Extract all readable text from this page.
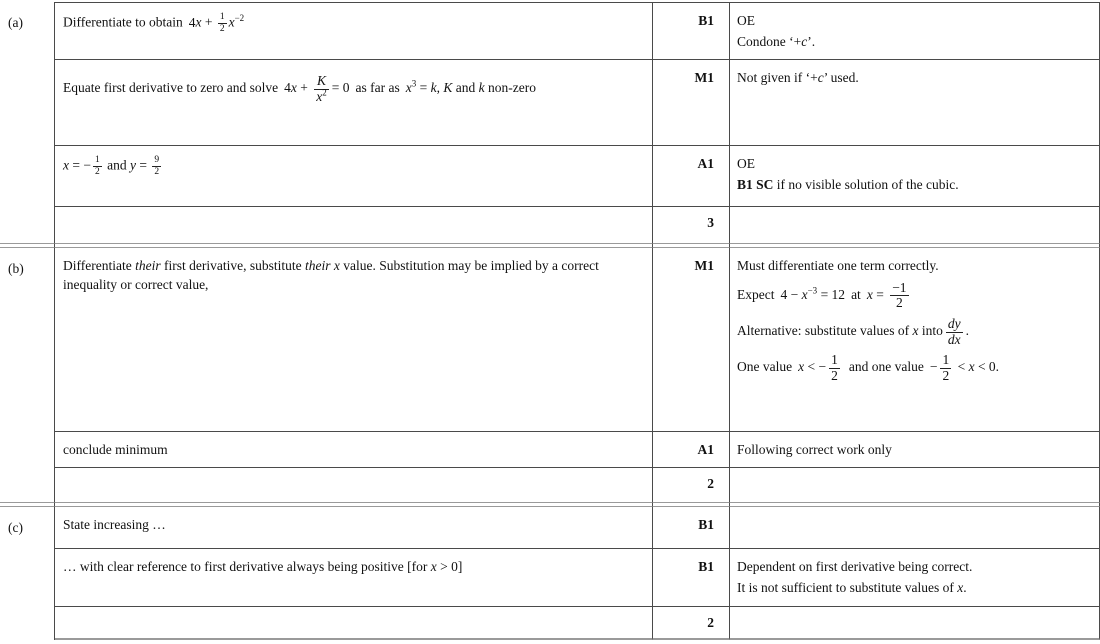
(a)	Differentiate to obtain $4x + \frac{1}{2} x^{-2}$	B1	OE
Condone ‘+c’.

	Equate first derivative to zero and solve $4x + \frac{K}{x^2} = 0$ as far as $x^3 = k$, K and k non-zero	M1	Not given if ‘+c’ used.

x = − $\frac{1}{2}$ and $y = \frac{9}{2}$	A1	OE
B1 SC if no visible solution of the cubic.

		3	

(b)	Differentiate their first derivative, substitute their x value. Substitution may be implied by a correct inequality or correct value,	M1	Must differentiate one term correctly.
Expect $4 - x^{-3} = 12$ at $x = \frac{-1}{2}$
Alternative: substitute values of x into $\frac{dy}{dx}$ .
One value x < − $\frac{1}{2}$ and one value − $\frac{1}{2} < x < 0$.

	conclude minimum	A1	Following correct work only

		2	

(c)	State increasing …	B1	
	… with clear reference to first derivative always being positive [for x > 0]	B1	Dependent on first derivative being correct.
It is not sufficient to substitute values of x.

		2	
